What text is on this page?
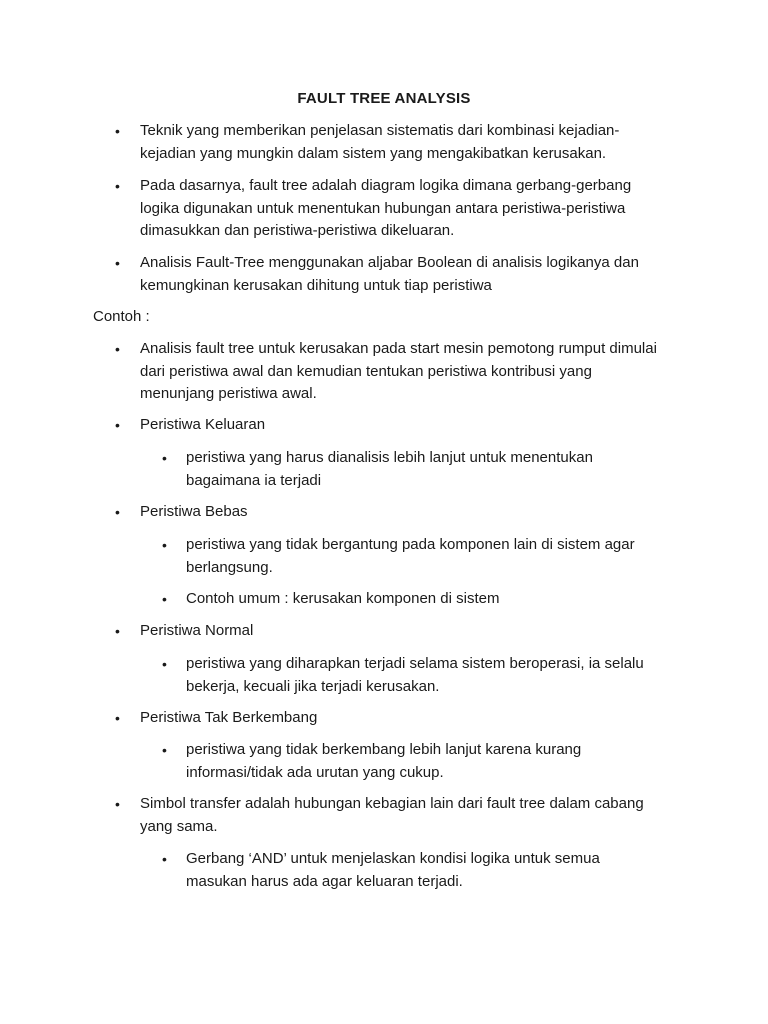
FAULT TREE ANALYSIS
• Teknik yang memberikan penjelasan sistematis dari kombinasi kejadian-kejadian yang mungkin dalam sistem yang mengakibatkan kerusakan.
• Pada dasarnya, fault tree adalah diagram logika dimana gerbang-gerbang logika digunakan untuk menentukan hubungan antara peristiwa-peristiwa dimasukkan dan peristiwa-peristiwa dikeluaran.
• Analisis Fault-Tree menggunakan aljabar Boolean di analisis logikanya dan kemungkinan kerusakan dihitung untuk tiap peristiwa
Contoh :
• Analisis fault tree untuk kerusakan pada start mesin pemotong rumput dimulai dari peristiwa awal dan kemudian tentukan peristiwa kontribusi yang menunjang peristiwa awal.
• Peristiwa Keluaran
• peristiwa yang harus dianalisis lebih lanjut untuk menentukan bagaimana ia terjadi
• Peristiwa Bebas
• peristiwa yang tidak bergantung pada komponen lain di sistem agar berlangsung.
• Contoh umum : kerusakan komponen di sistem
• Peristiwa Normal
• peristiwa yang diharapkan terjadi selama sistem beroperasi, ia selalu bekerja, kecuali jika terjadi kerusakan.
• Peristiwa Tak Berkembang
• peristiwa yang tidak berkembang lebih lanjut karena kurang informasi/tidak ada urutan yang cukup.
• Simbol transfer adalah hubungan kebagian lain dari fault tree dalam cabang yang sama.
• Gerbang ‘AND’ untuk menjelaskan kondisi logika untuk semua masukan harus ada agar keluaran terjadi.
